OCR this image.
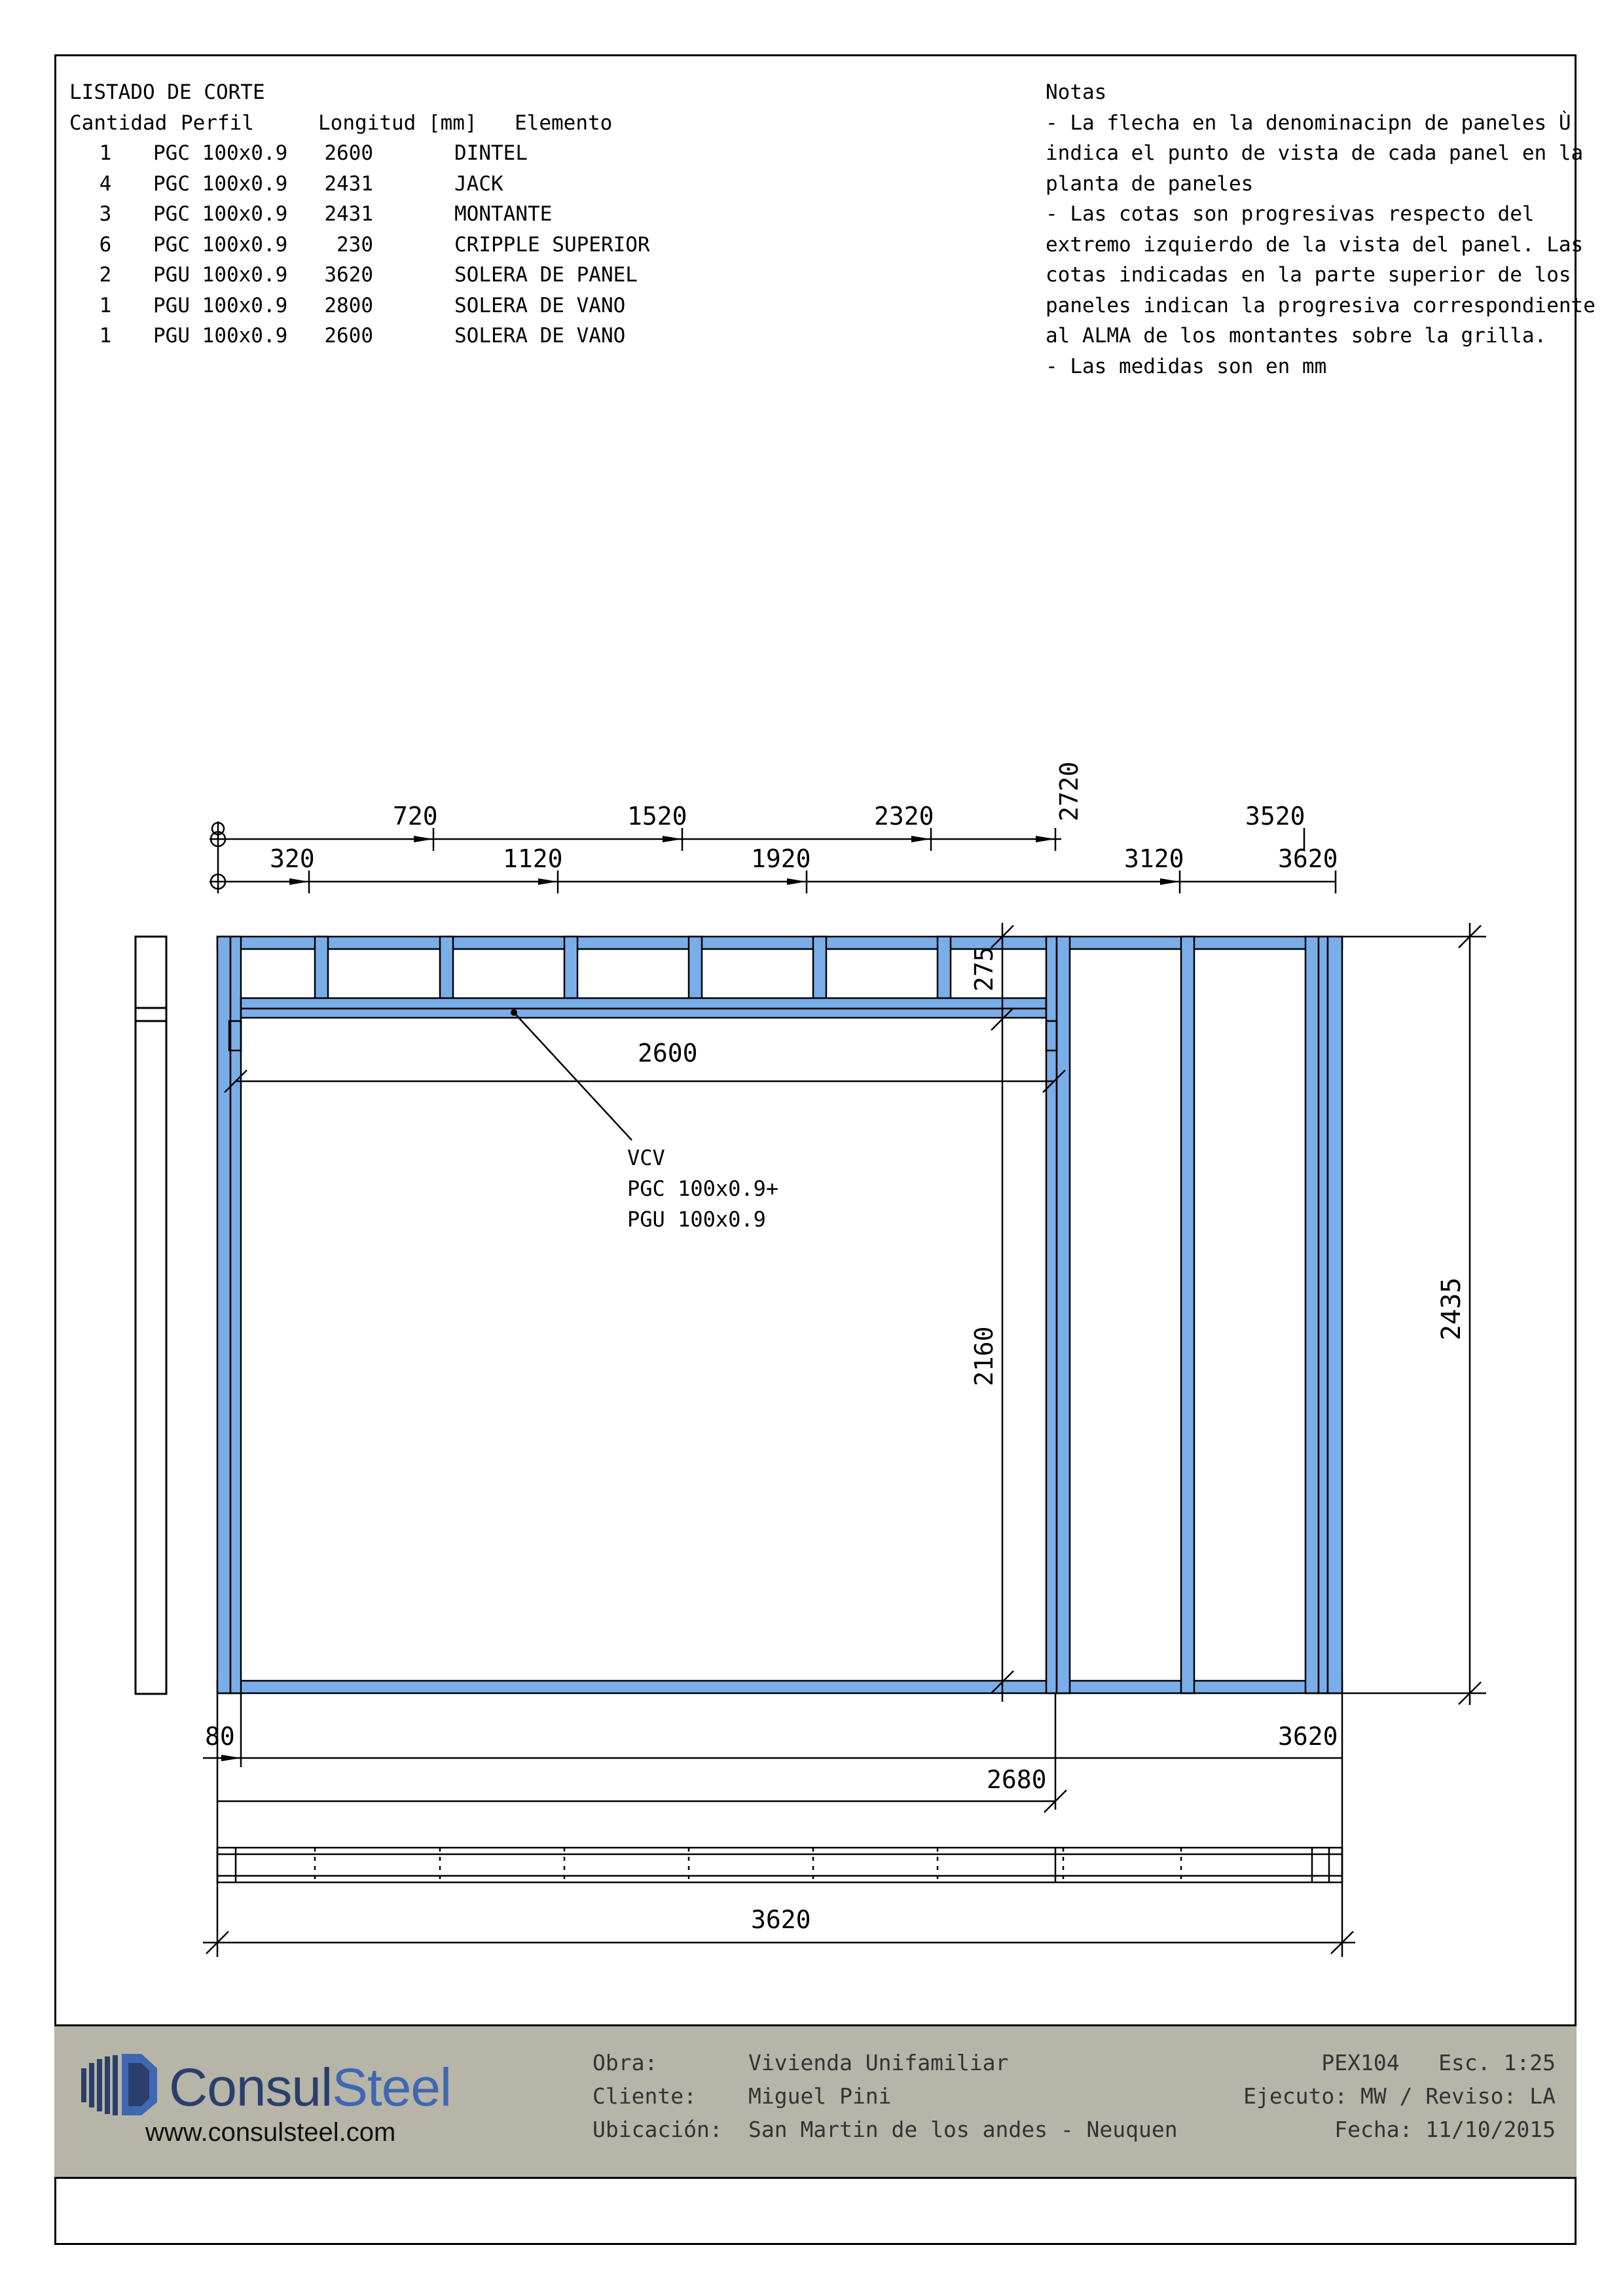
LISTADO DE CORTE
Cantidad Perfil	Longitud [mm]	Elemento
1	PGC 100x0.9	2600	DINTEL
4	PGC 100x0.9	2431	JACK
3	PGC 100x0.9	2431	MONTANTE
6	PGC 100x0.9	230	CRIPPLE SUPERIOR
2	PGU 100x0.9	3620	SOLERA DE PANEL
1	PGU 100x0.9	2800	SOLERA DE VANO
1	PGU 100x0.9	2600	SOLERA DE VANO
Notas
- La flecha en la denominacipn de paneles Ù
indica el punto de vista de cada panel en la
planta de paneles
- Las cotas son progresivas respecto del
extremo izquierdo de la vista del panel. Las
cotas indicadas en la parte superior de los
paneles indican la progresiva correspondiente
al ALMA de los montantes sobre la grilla.
- Las medidas son en mm
720	1520	2320	2720	3520
320	1120	1920	3120	3620
275
2600
2160
2435
VCV
PGC 100x0.9+
PGU 100x0.9
80	3620
2680
3620
ConsulSteel
www.consulsteel.com
Obra:	Vivienda Unifamiliar
Cliente:	Miguel Pini
Ubicación:	San Martin de los andes - Neuquen
PEX104   Esc. 1:25
Ejecuto: MW / Reviso: LA
Fecha: 11/10/2015
